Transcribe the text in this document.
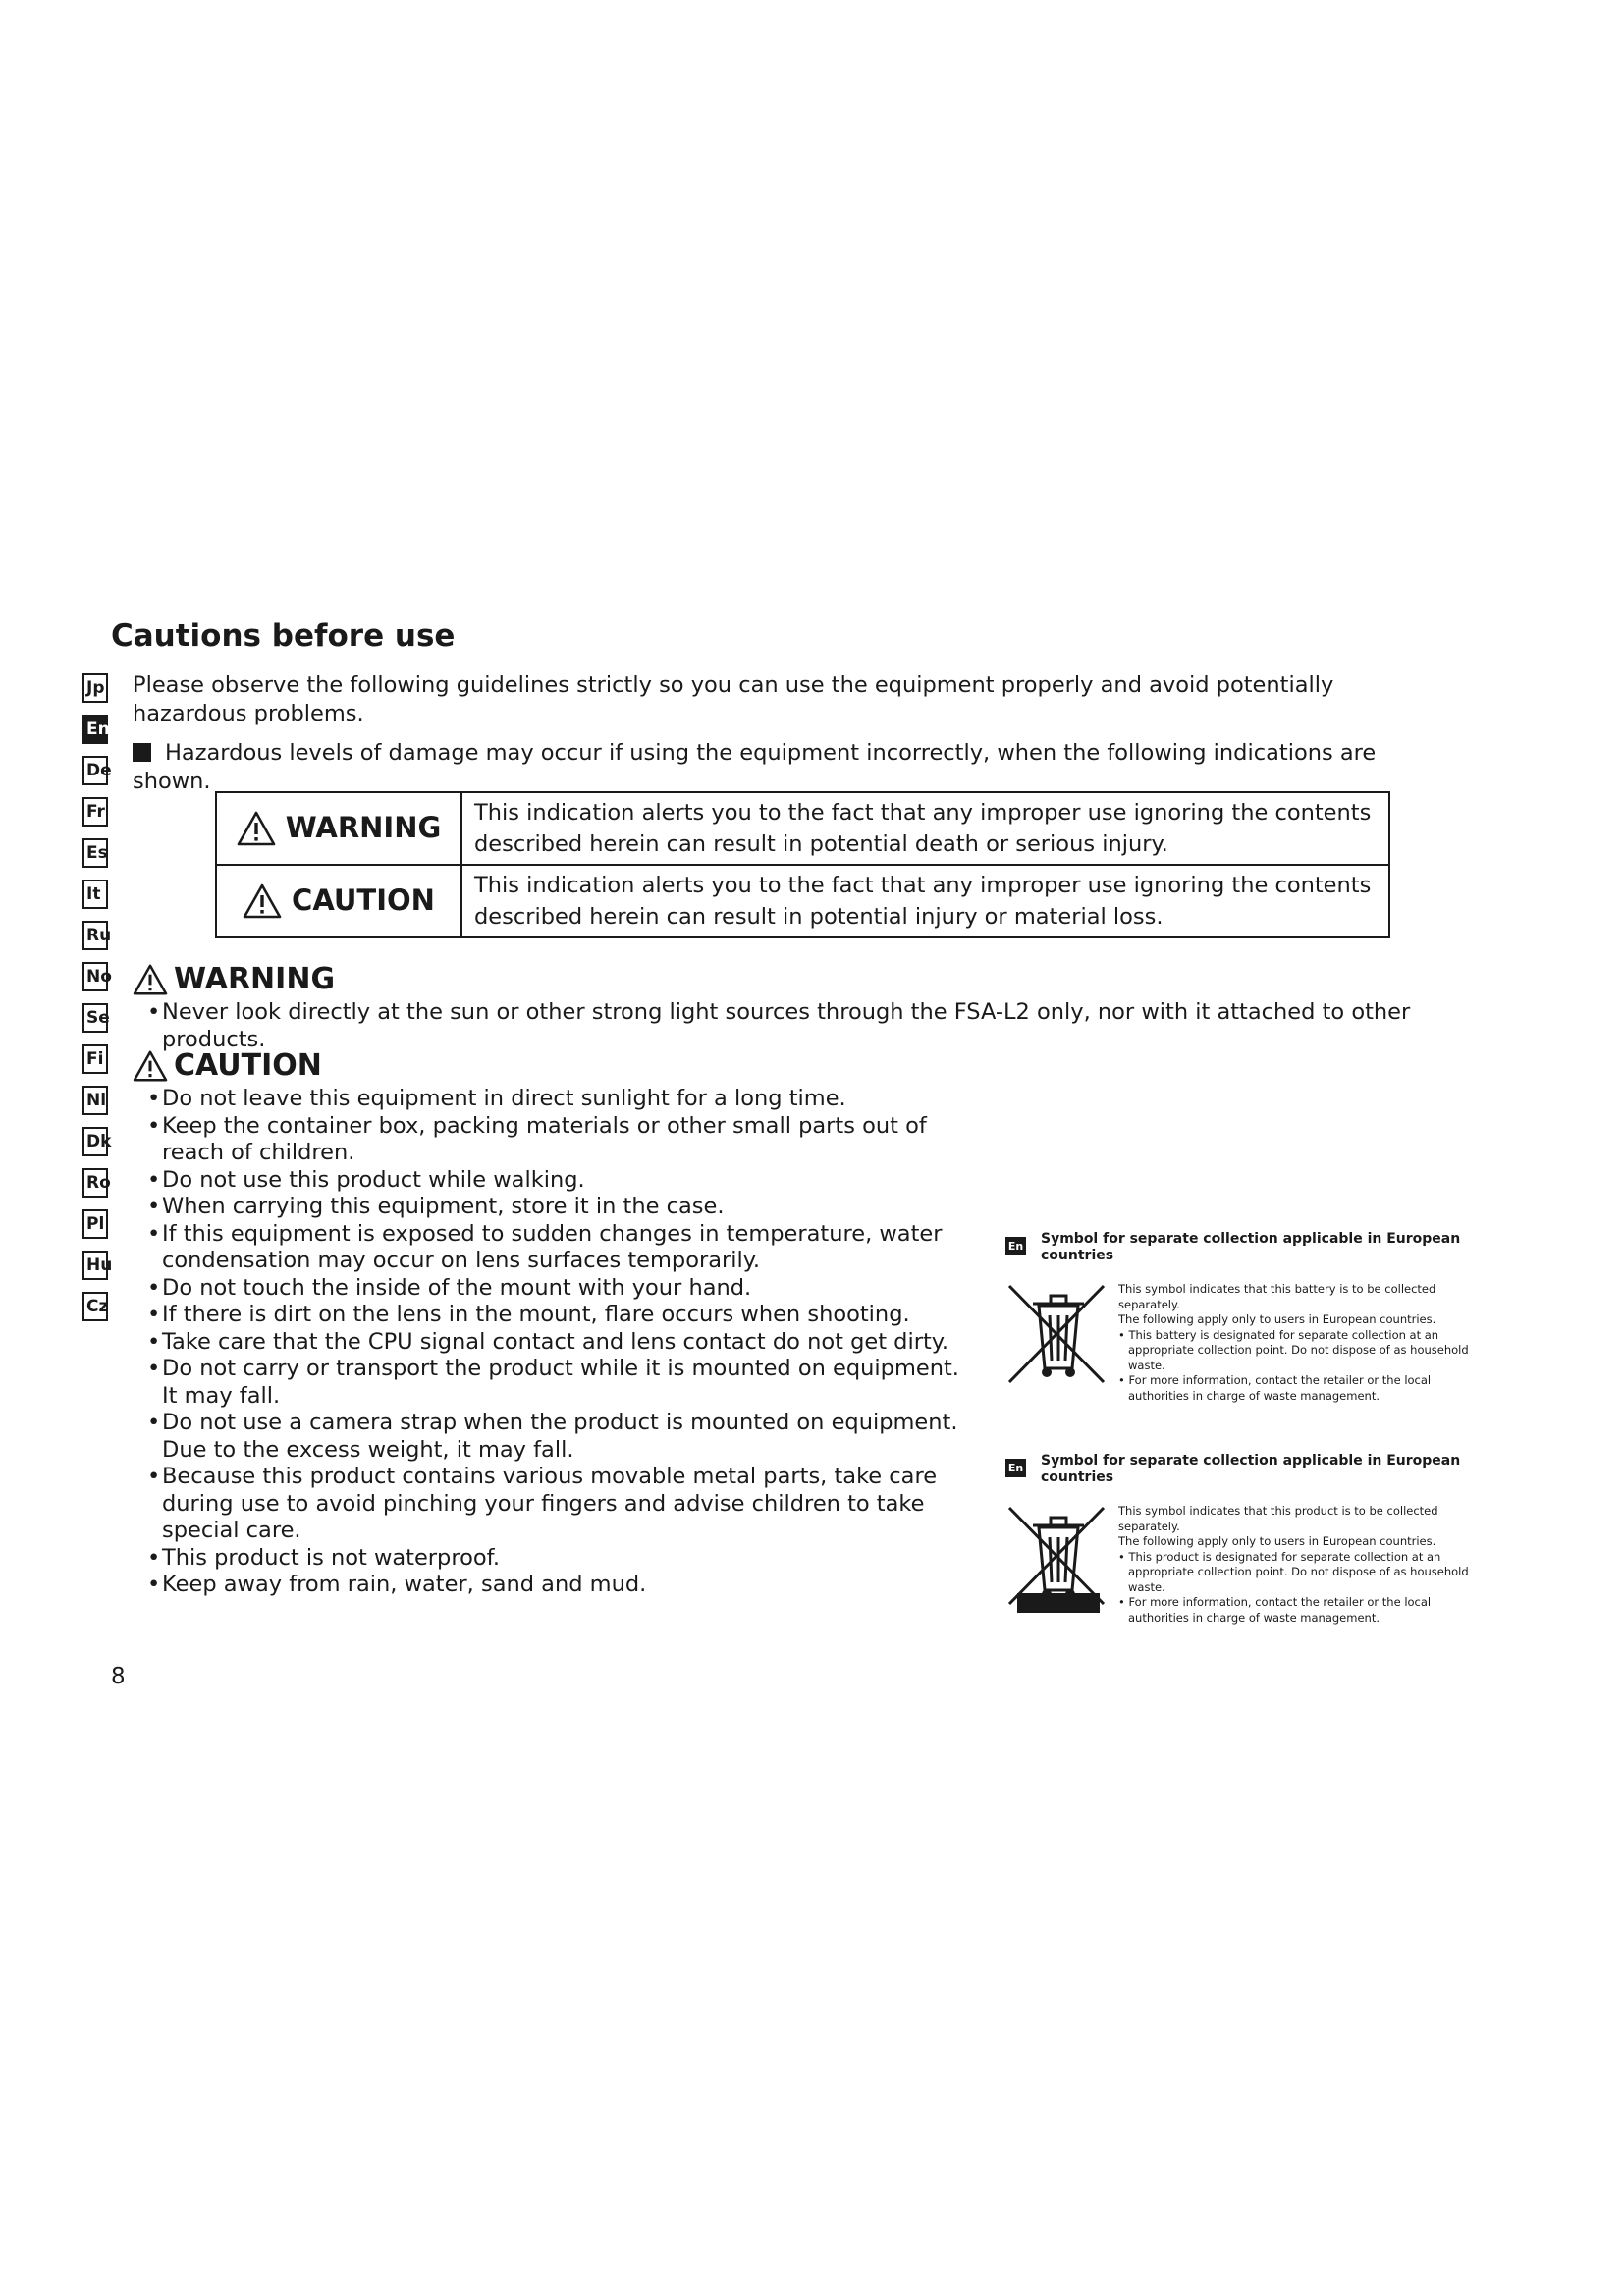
Cautions before use
Jp
En
De
Fr
Es
It
Ru
No
Se
Fi
Nl
Dk
Ro
Pl
Hu
Cz
Please observe the following guidelines strictly so you can use the equipment properly and avoid potentially hazardous problems.
Hazardous levels of damage may occur if using the equipment incorrectly, when the following indications are shown.
WARNING	This indication alerts you to the fact that any improper use ignoring the contents described herein can result in potential death or serious injury.
CAUTION	This indication alerts you to the fact that any improper use ignoring the contents described herein can result in potential injury or material loss.
WARNING
• Never look directly at the sun or other strong light sources through the FSA-L2 only, nor with it attached to other products.
CAUTION
• Do not leave this equipment in direct sunlight for a long time.
• Keep the container box, packing materials or other small parts out of reach of children.
• Do not use this product while walking.
• When carrying this equipment, store it in the case.
• If this equipment is exposed to sudden changes in temperature, water condensation may occur on lens surfaces temporarily.
• Do not touch the inside of the mount with your hand.
• If there is dirt on the lens in the mount, flare occurs when shooting.
• Take care that the CPU signal contact and lens contact do not get dirty.
• Do not carry or transport the product while it is mounted on equipment. It may fall.
• Do not use a camera strap when the product is mounted on equipment. Due to the excess weight, it may fall.
• Because this product contains various movable metal parts, take care during use to avoid pinching your fingers and advise children to take special care.
• This product is not waterproof.
• Keep away from rain, water, sand and mud.
En Symbol for separate collection applicable in European countries
This symbol indicates that this battery is to be collected separately.
The following apply only to users in European countries.
• This battery is designated for separate collection at an appropriate collection point. Do not dispose of as household waste.
• For more information, contact the retailer or the local authorities in charge of waste management.
En Symbol for separate collection applicable in European countries
This symbol indicates that this product is to be collected separately.
The following apply only to users in European countries.
• This product is designated for separate collection at an appropriate collection point. Do not dispose of as household waste.
• For more information, contact the retailer or the local authorities in charge of waste management.
8
